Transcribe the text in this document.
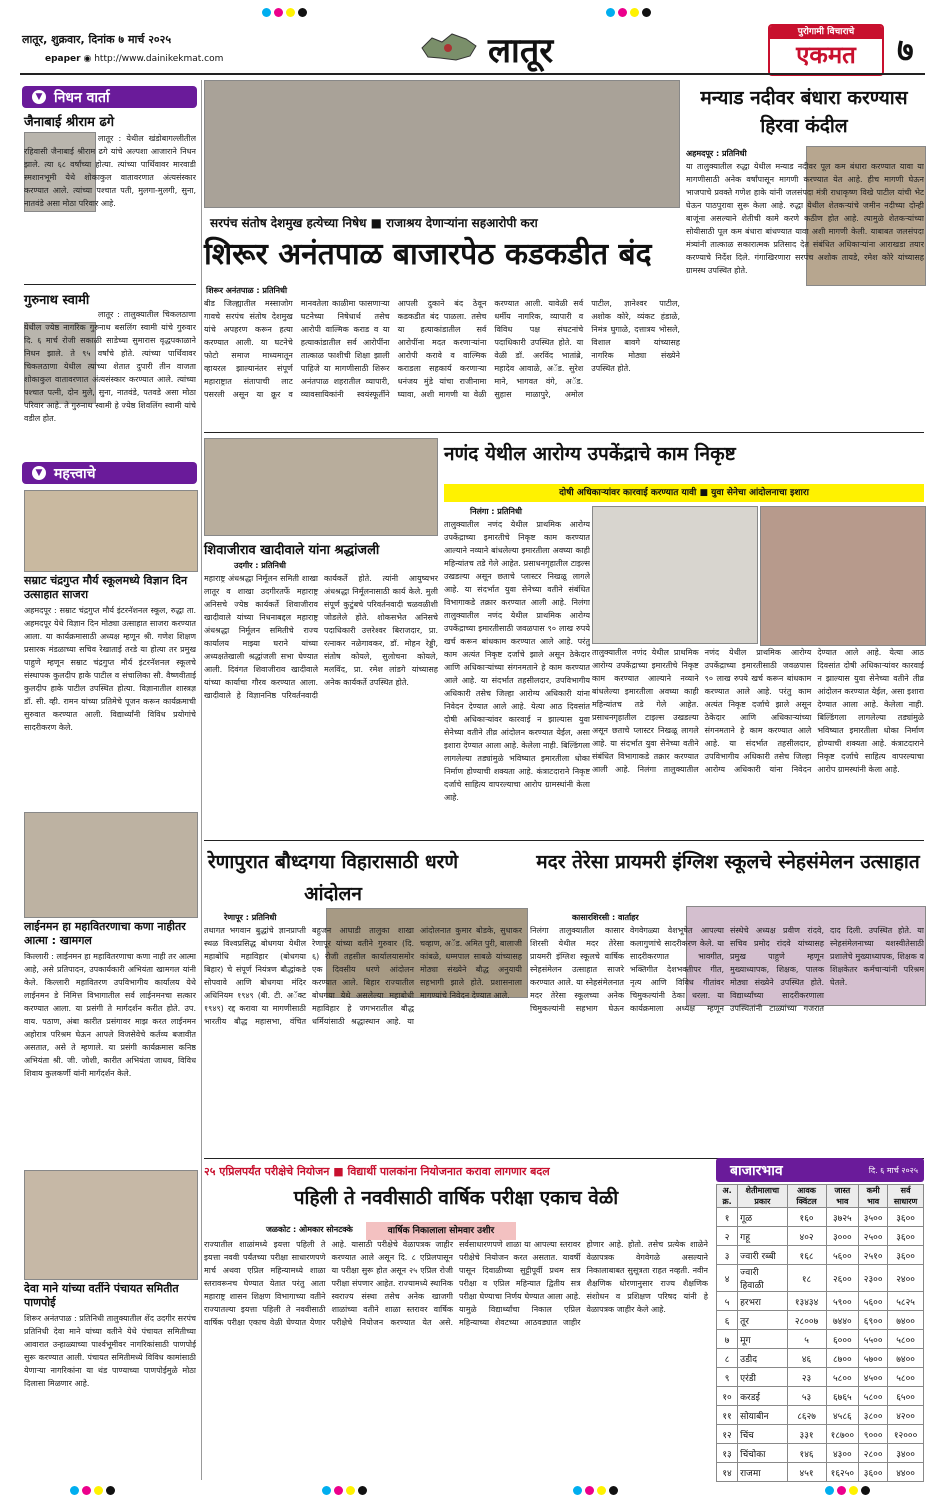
लातूर, शुक्रवार, दिनांक ७ मार्च २०२५
epaper ◉ http://www.dainikekmat.com	लातूर	पुरोगामी विचाराचे
एकमत	७
▼ निधन वार्ता
जैनाबाई श्रीराम ढगे
लातूर : येथील खंडोबागल्लीतील रहिवासी जैनाबाई श्रीराम ढगे यांचे अल्पशा आजाराने निधन झाले. त्या ६८ वर्षांच्या होत्या. त्यांच्या पार्थिवावर मारवाडी स्मशानभूमी येथे शोकाकुल वातावरणात अंत्यसंस्कार करण्यात आले. त्यांच्या पश्चात पती, मुलगा-मुलगी, सुना, नातवंडे असा मोठा परिवार आहे.
गुरुनाथ स्वामी
लातूर : तालुक्यातील चिकलठाणा येथील ज्येष्ठ नागरिक गुरुनाथ बसलिंग स्वामी यांचे गुरुवार दि. ६ मार्च रोजी सकाळी साडेच्या सुमारास वृद्धपकाळाने निधन झाले. ते ९५ वर्षांचे होते. त्यांच्या पार्थिवावर चिकलठाणा येथील त्यांच्या शेतात दुपारी तीन वाजता शोकाकुल वातावरणात अंत्यसंस्कार करण्यात आले. त्यांच्या पश्चात पत्नी, दोन मुले, सुना, नातवंडे, पतवडे असा मोठा परिवार आहे. ते गुरुनाथ स्वामी हे ज्येष्ठ शिवलिंग स्वामी यांचे वडील होत.
▼ महत्त्वाचे
सम्राट चंद्रगुप्त मौर्य स्कूलमध्ये विज्ञान दिन उत्साहात साजरा
अहमदपूर : सम्राट चंद्रगुप्त मौर्य इंटरनॅशनल स्कूल, रुद्धा ता. अहमदपूर येथे विज्ञान दिन मोठ्या उत्साहात साजरा करण्यात आला. या कार्यक्रमासाठी अध्यक्ष म्हणून श्री. गणेश शिक्षण प्रसारक मंडळाच्या सचिव रेखाताई तरडे या होत्या तर प्रमुख पाहुणे म्हणून सम्राट चंद्रगुप्त मौर्य इंटरनॅशनल स्कूलचे संस्थापक कुलदीप हाके पाटील व संचालिका सौ. वैष्णवीताई कुलदीप हाके पाटील उपस्थित होत्या. विज्ञानातील शास्त्रज्ञ डॉ. सी. व्ही. रामन यांच्या प्रतिमेचे पूजन करून कार्यक्रमाची सुरुवात करण्यात आली. विद्यार्थ्यांनी विविध प्रयोगांचे सादरीकरण केले.
लाईनमन हा महावितरणाचा कणा नाहीतर आत्मा : खामगल
किल्लारी : लाईनमन हा महावितरणाचा कणा नाही तर आत्मा आहे, असे प्रतिपादन, उपकार्यकारी अभियंता खामगल यांनी केले. किल्लारी महावितरण उपविभागीय कार्यालय येथे लाईनमन डे निमित्त विभागातील सर्व लाईनमनचा सत्कार करण्यात आला. या प्रसंगी ते मार्गदर्शन करीत होते. उप. वाय. पठाण, अंबा कारीत प्रसंगावर माझ करत लाईनमन अहोरात्र परिश्रम घेऊन आपले विजसेवेचे कर्तव्य बजावीत असतात, असे ते म्हणाले. या प्रसंगी कार्यक्रमास कनिष्ठ अभियंता श्री. जी. जोशी, कारीत अभियंता जाधव, विविध शिवाय कुलकर्णी यांनी मार्गदर्शन केले.
देवा माने यांच्या वर्तीने पंचायत समितीत पाणपोई
शिरूर अनंतपाळ : प्रतिनिधी तालुक्यातील शेंद उदगीर सरपंच प्रतिनिधी देवा माने यांच्या वतीने येथे पंचायत समितीच्या आवारात उन्हाळ्याच्या पार्श्वभूमीवर नागरिकांसाठी पाणपोई सुरू करण्यात आली. पंचायत समितीमध्ये विविध कामांसाठी येणाऱ्या नागरिकांना या थंड पाण्याच्या पाणपोईमुळे मोठा दिलासा मिळणार आहे.
सरपंच संतोष देशमुख हत्येच्या निषेध ■ राजाश्रय देणाऱ्यांना सहआरोपी करा
शिरूर अनंतपाळ बाजारपेठ कडकडीत बंद
शिरूर अनंतपाळ : प्रतिनिधी
बीड जिल्ह्यातील मस्साजोग गावचे सरपंच संतोष देशमुख यांचे अपहरण करून हत्या करण्यात आली. या घटनेचे फोटो समाज माध्यमातून व्हायरल झाल्यानंतर संपूर्ण महाराष्ट्रात संतापाची लाट पसरली असून या क्रूर व मानवतेला काळीमा फासणाऱ्या घटनेच्या निषेधार्थ तसेच आरोपी वाल्मिक कराड व या हत्याकांडातील सर्व आरोपींना तात्काळ फाशीची शिक्षा झाली पाहिजे या मागणीसाठी शिरूर अनंतपाळ शहरातील व्यापारी, व्यावसायिकांनी स्वयंस्फूर्तीने आपली दुकाने बंद ठेवून कडकडीत बंद पाळला. तसेच या हत्याकांडातील सर्व आरोपींना मदत करणाऱ्यांना आरोपी करावे व वाल्मिक कराडला सहकार्य करणाऱ्या धनंजय मुंडे यांचा राजीनामा घ्यावा, अशी मागणी या वेळी करण्यात आली. यावेळी सर्व धर्मीय नागरिक, व्यापारी व विविध पक्ष संघटनांचे पदाधिकारी उपस्थित होते. या वेळी डॉ. अरविंद भातांब्रे, महादेव आवाळे, अॅड. सुरेश माने, भागवत वंगे, अॅड. सुहास माळापुरे, अमोल पाटील, ज्ञानेश्वर पाटील, अशोक कोरे, व्यंकट हंडाळे, निमंत्र घुगाळे, दत्तात्रय भोसले, विशाल बावगे यांच्यासह नागरिक मोठ्या संख्येने उपस्थित होते.
मन्याड नदीवर बंधारा करण्यास हिरवा कंदील
अहमदपूर : प्रतिनिधी
या तालुक्यातील रुद्धा येथील मन्याड नदीवर पूल कम बंधारा करण्यात यावा या मागणीसाठी अनेक वर्षांपासून मागणी करण्यात येत आहे. हीच मागणी घेऊन भाजपाचे प्रवक्ते गणेश हाके यांनी जलसंपदा मंत्री राधाकृष्ण विखे पाटील यांची भेट घेऊन पाठपुरावा सुरू केला आहे. रुद्धा येथील शेतकऱ्यांचे जमीन नदीच्या दोन्ही बाजूंना असल्याने शेतीची कामे करणे कठीण होत आहे. त्यामुळे शेतकऱ्यांच्या सोयीसाठी पूल कम बंधारा बांधण्यात यावा अशी मागणी केली. याबाबत जलसंपदा मंत्र्यांनी तात्काळ सकारात्मक प्रतिसाद देत संबंधित अधिकाऱ्यांना आराखडा तयार करण्याचे निर्देश दिले. गंगाखिरणारा सरपंच अशोक तायडे, रमेश कोरे यांच्यासह ग्रामस्थ उपस्थित होते.
शिवाजीराव खादीवाले यांना श्रद्धांजली
उदगीर : प्रतिनिधी
महाराष्ट्र अंधश्रद्धा निर्मूलन समिती शाखा लातूर व शाखा उदगीरतर्फे महाराष्ट्र अनिसचे ज्येष्ठ कार्यकर्ते शिवाजीराव खादीवाले यांच्या निधनाबद्दल महाराष्ट्र अंधश्रद्धा निर्मूलन समितीचे राज्य कार्यालय माझ्या घराने यांच्या अध्यक्षतेखाली श्रद्धांजली सभा घेण्यात आली. दिवंगत शिवाजीराव खादीवाले यांच्या कार्याचा गौरव करण्यात आला. खादीवाले हे विज्ञाननिष्ठ परिवर्तनवादी कार्यकर्ते होते. त्यांनी आयुष्यभर अंधश्रद्धा निर्मूलनासाठी कार्य केले. मुली संपूर्ण कुटुंबचे परिवर्तनवादी चळवळीशी जोडलेले होते. शोकसभेत अनिसचे पदाधिकारी उत्तरेश्वर बिराजदार, प्रा. रत्नाकर नळेगावकर, डॉ. मोहन रेड्डी, संतोष कोयले, सुलोचना कोयले, मलविंद, प्रा. रमेश लांडगे यांच्यासह अनेक कार्यकर्ते उपस्थित होते.
नणंद येथील आरोग्य उपकेंद्राचे काम निकृष्ट
दोषी अधिकाऱ्यांवर कारवाई करण्यात यावी ■ युवा सेनेचा आंदोलनाचा इशारा
निलंगा : प्रतिनिधी
तालुक्यातील नणंद येथील प्राथमिक आरोग्य उपकेंद्राच्या इमारतीचे निकृष्ट काम करण्यात आल्याने नव्याने बांधलेल्या इमारतीला अवघ्या काही महिन्यांतच तडे गेले आहेत. प्रसाधनगृहातील टाइल्स उखडल्या असून छताचे प्लास्टर निखळू लागले आहे. या संदर्भात युवा सेनेच्या वतीने संबंधित विभागाकडे तक्रार करण्यात आली आहे. निलंगा तालुक्यातील नणंद येथील प्राथमिक आरोग्य उपकेंद्राच्या इमारतीसाठी जवळपास ९० लाख रुपये खर्च करून बांधकाम करण्यात आले आहे. परंतु काम अत्यंत निकृष्ट दर्जाचे झाले असून ठेकेदार आणि अधिकाऱ्यांच्या संगनमताने हे काम करण्यात आले आहे. या संदर्भात तहसीलदार, उपविभागीय अधिकारी तसेच जिल्हा आरोग्य अधिकारी यांना निवेदन देण्यात आले आहे. येत्या आठ दिवसांत दोषी अधिकाऱ्यांवर कारवाई न झाल्यास युवा सेनेच्या वतीने तीव्र आंदोलन करण्यात येईल, असा इशारा देण्यात आला आहे. केलेला नाही. बिल्डिंगला लागलेल्या तड्यांमुळे भविष्यात इमारतीला धोका निर्माण होण्याची शक्यता आहे. कंत्राटदाराने निकृष्ट दर्जाचे साहित्य वापरल्याचा आरोप ग्रामस्थांनी केला आहे.
तालुक्यातील नणंद येथील प्राथमिक आरोग्य उपकेंद्राच्या इमारतीचे निकृष्ट काम करण्यात आल्याने नव्याने बांधलेल्या इमारतीला अवघ्या काही महिन्यांतच तडे गेले आहेत. प्रसाधनगृहातील टाइल्स उखडल्या असून छताचे प्लास्टर निखळू लागले आहे. या संदर्भात युवा सेनेच्या वतीने संबंधित विभागाकडे तक्रार करण्यात आली आहे. निलंगा तालुक्यातील नणंद येथील प्राथमिक आरोग्य उपकेंद्राच्या इमारतीसाठी जवळपास ९० लाख रुपये खर्च करून बांधकाम करण्यात आले आहे. परंतु काम अत्यंत निकृष्ट दर्जाचे झाले असून ठेकेदार आणि अधिकाऱ्यांच्या संगनमताने हे काम करण्यात आले आहे. या संदर्भात तहसीलदार, उपविभागीय अधिकारी तसेच जिल्हा आरोग्य अधिकारी यांना निवेदन देण्यात आले आहे. येत्या आठ दिवसांत दोषी अधिकाऱ्यांवर कारवाई न झाल्यास युवा सेनेच्या वतीने तीव्र आंदोलन करण्यात येईल, असा इशारा देण्यात आला आहे. केलेला नाही. बिल्डिंगला लागलेल्या तड्यांमुळे भविष्यात इमारतीला धोका निर्माण होण्याची शक्यता आहे. कंत्राटदाराने निकृष्ट दर्जाचे साहित्य वापरल्याचा आरोप ग्रामस्थांनी केला आहे.
रेणापुरात बौध्दगया विहारासाठी धरणे आंदोलन
रेणापूर : प्रतिनिधी
तथागत भगवान बुद्धांचे ज्ञानप्राप्ती स्थळ विश्वप्रसिद्ध बोधगया येथील महाबोधि महाविहार (बोधगया बिहार) चे संपूर्ण नियंत्रण बौद्धांकडे सोपवावे आणि बोधगया मंदिर अधिनियम १९४९ (बी. टी. अॅक्ट १९४९) रद्द करावा या मागणीसाठी भारतीय बौद्ध महासभा, वंचित बहुजन आघाडी तालुका शाखा रेणापूर यांच्या वतीने गुरुवार (दि. ६) रोजी तहसील कार्यालयासमोर एक दिवसीय धरणे आंदोलन करण्यात आले. बिहार राज्यातील बोधगया येथे असलेल्या महाबोधी महाविहार हे जगभरातील बौद्ध धर्मियांसाठी श्रद्धास्थान आहे. या आंदोलनात कुमार बोडके, सुधाकर चव्हाण, अॅड. अमित पुरी, बालाजी कांबळे, धम्मपाल साबळे यांच्यासह मोठ्या संख्येने बौद्ध अनुयायी सहभागी झाले होते. प्रशासनाला मागण्यांचे निवेदन देण्यात आले.
मदर तेरेसा प्रायमरी इंग्लिश स्कूलचे स्नेहसंमेलन उत्साहात
कासारशिरसी : वार्ताहर
निलंगा तालुक्यातील कासार शिरसी येथील मदर तेरेसा प्रायमरी इंग्लिश स्कूलचे वार्षिक स्नेहसंमेलन उत्साहात साजरे करण्यात आले. या स्नेहसंमेलनात मदर तेरेसा स्कूलच्या अनेक चिमुकल्यांनी सहभाग घेऊन वेगवेगळ्या वेशभूषेत आपल्या कलागुणांचे सादरीकरण केले. या सादरीकरणात भावगीत, भक्तिगीत देशभक्तीपर गीत, नृत्य आणि विविध गीतांवर चिमुकल्यांनी ठेका धरला. या कार्यक्रमाला अध्यक्ष म्हणून संस्थेचे अध्यक्ष प्रवीण रांदवे, सचिव प्रमोद रांदवे यांच्यासह प्रमुख पाहुणे म्हणून मुख्याध्यापक, शिक्षक, पालक मोठ्या संख्येने उपस्थित होते. विद्यार्थ्यांच्या सादरीकरणाला उपस्थितांनी टाळ्यांच्या गजरात दाद दिली. उपस्थित होते. या स्नेहसंमेलनाच्या यशस्वीतेसाठी प्रशालेचे मुख्याध्यापक, शिक्षक व शिक्षकेतर कर्मचाऱ्यांनी परिश्रम घेतले.
२५ एप्रिलपर्यंत परीक्षेचे नियोजन ■ विद्यार्थी पालकांना नियोजनात करावा लागणार बदल
पहिली ते नववीसाठी वार्षिक परीक्षा एकाच वेळी
जळकोट : ओमकार सोनटक्के	वार्षिक निकालाला सोमवार उशीर
राज्यातील शाळांमध्ये इयत्ता पहिली ते इयत्ता नववी पर्यंतच्या परीक्षा साधारणपणे मार्च अथवा एप्रिल महिन्यामध्ये शाळा स्तरावरूनच घेण्यात येतात परंतु आता महाराष्ट्र शासन शिक्षण विभागाच्या वतीने राज्यातल्या इयत्ता पहिली ते नववीसाठी वार्षिक परीक्षा एकाच वेळी घेण्यात येणार आहे. यासाठी परीक्षेचे वेळापत्रक जाहीर करण्यात आले असून दि. ८ एप्रिलपासून या परीक्षा सुरू होत असून २५ एप्रिल रोजी परीक्षा संपणार आहेत. राज्यामध्ये स्थानिक स्वराज्य संस्था तसेच अनेक खाजगी शाळांच्या वतीने शाळा स्तरावर वार्षिक परीक्षेचे नियोजन करण्यात येत असे. सर्वसाधारणपणे शाळा या आपल्या स्तरावर परीक्षेचे नियोजन करत असतात. यावर्षी पासून दिवाळीच्या सुट्टीपूर्वी प्रथम सत्र परीक्षा व एप्रिल महिन्यात द्वितीय सत्र परीक्षा घेण्याचा निर्णय घेण्यात आला आहे. यामुळे विद्यार्थ्यांचा निकाल एप्रिल महिन्याच्या शेवटच्या आठवड्यात जाहीर होणार आहे. होतो. तसेच प्रत्येक शाळेने वेळापत्रक वेगवेगळे असल्याने निकालाबाबत सुसूत्रता राहत नव्हती. नवीन शैक्षणिक धोरणानुसार राज्य शैक्षणिक संशोधन व प्रशिक्षण परिषद यांनी हे वेळापत्रक जाहीर केले आहे.
बाजारभाव	दि. ६ मार्च २०२५
अ. क्र.	शेतीमालाचा प्रकार	आवक क्विंटल	जास्त भाव	कमी भाव	सर्व साधारण
१	गूळ	१६०	३७२५	३५००	३६००
२	गहू	४०२	३०००	२५००	३६००
३	ज्वारी रब्बी	१६८	५६००	२५१०	३६००
४	ज्वारी हिवाळी	१८	२६००	२३००	२४००
५	हरभरा	१३४३४	५९००	५६००	५८२५
६	तूर	२८००७	७४४०	६९००	७४००
७	मूग	५	६०००	५५००	५८००
८	उडीद	४६	८७००	५७००	७४००
९	एरंडी	२३	५८००	४५००	५८००
१०	करडई	५३	६७६५	५८००	६५००
११	सोयाबीन	८६२७	४५८६	३८००	४२००
१२	चिंच	३३१	१८७००	९०००	१२०००
१३	चिंचोका	१४६	४३००	२८००	३४००
१४	राजमा	४५१	१६२५०	३६००	४४००
